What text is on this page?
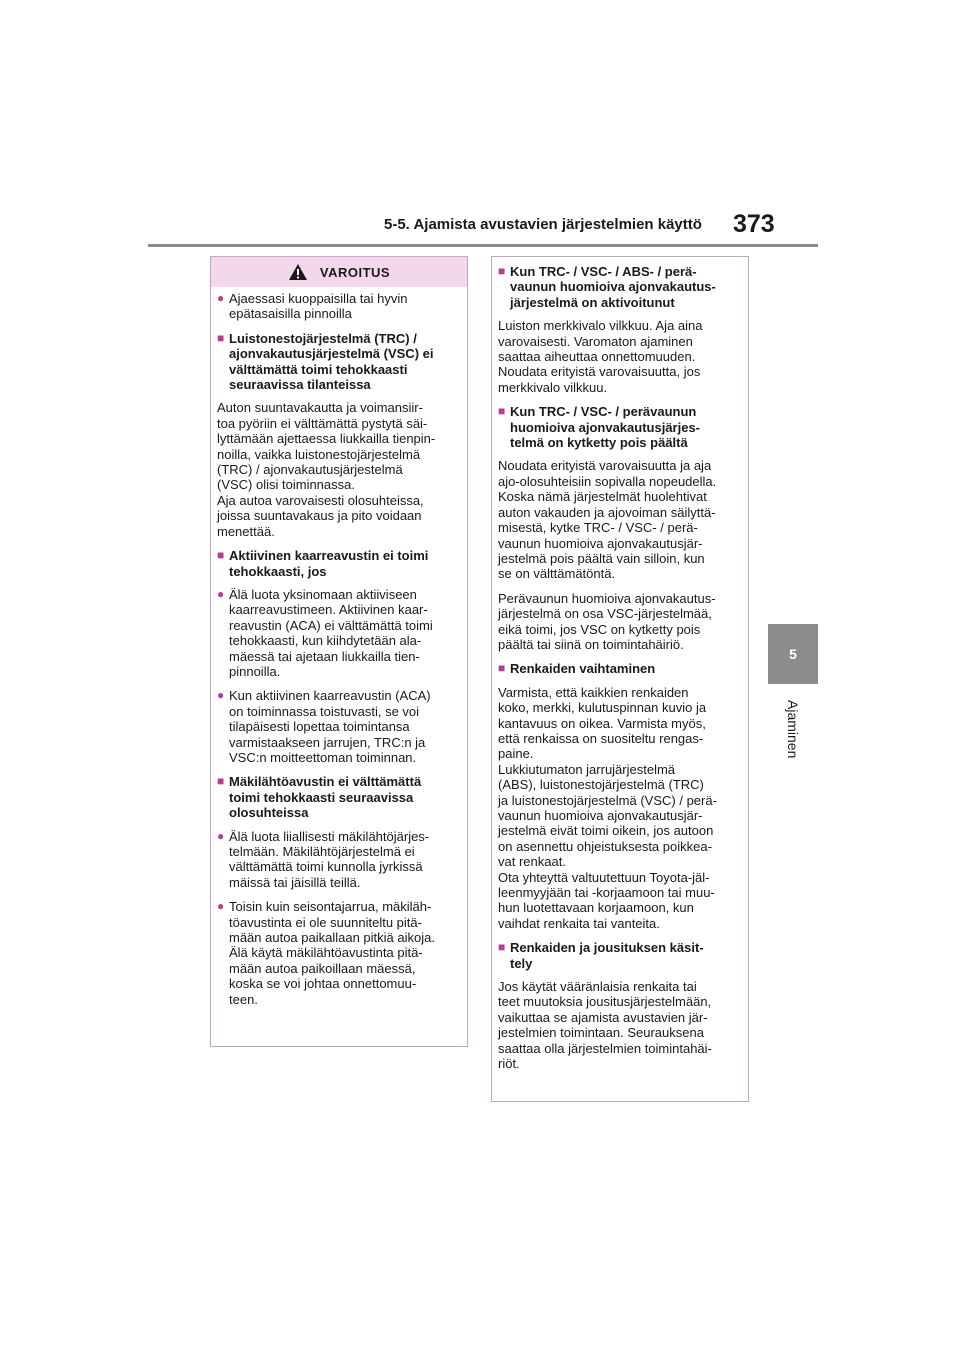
5-5. Ajamista avustavien järjestelmien käyttö 373
5
Ajaminen
VAROITUS
● Ajaessasi kuoppaisilla tai hyvin
epätasaisilla pinnoilla
■ Luistonestojärjestelmä (TRC) /
ajonvakautusjärjestelmä (VSC) ei
välttämättä toimi tehokkaasti
seuraavissa tilanteissa
Auton suuntavakautta ja voimansiir-
toa pyöriin ei välttämättä pystytä säi-
lyttämään ajettaessa liukkailla tienpin-
noilla, vaikka luistonestojärjestelmä
(TRC) / ajonvakautusjärjestelmä
(VSC) olisi toiminnassa.
Aja autoa varovaisesti olosuhteissa,
joissa suuntavakaus ja pito voidaan
menettää.
■ Aktiivinen kaarreavustin ei toimi
tehokkaasti, jos
● Älä luota yksinomaan aktiiviseen
kaarreavustimeen. Aktiivinen kaar-
reavustin (ACA) ei välttämättä toimi
tehokkaasti, kun kiihdytetään ala-
mäessä tai ajetaan liukkailla tien-
pinnoilla.
● Kun aktiivinen kaarreavustin (ACA)
on toiminnassa toistuvasti, se voi
tilapäisesti lopettaa toimintansa
varmistaakseen jarrujen, TRC:n ja
VSC:n moitteettoman toiminnan.
■ Mäkilähtöavustin ei välttämättä
toimi tehokkaasti seuraavissa
olosuhteissa
● Älä luota liiallisesti mäkilähtöjärjes-
telmään. Mäkilähtöjärjestelmä ei
välttämättä toimi kunnolla jyrkissä
mäissä tai jäisillä teillä.
● Toisin kuin seisontajarrua, mäkiläh-
töavustinta ei ole suunniteltu pitä-
mään autoa paikallaan pitkiä aikoja.
Älä käytä mäkilähtöavustinta pitä-
mään autoa paikoillaan mäessä,
koska se voi johtaa onnettomuu-
teen.
■ Kun TRC- / VSC- / ABS- / perä-
vaunun huomioiva ajonvakautus-
järjestelmä on aktivoitunut
Luiston merkkivalo vilkkuu. Aja aina
varovaisesti. Varomaton ajaminen
saattaa aiheuttaa onnettomuuden.
Noudata erityistä varovaisuutta, jos
merkkivalo vilkkuu.
■ Kun TRC- / VSC- / perävaunun
huomioiva ajonvakautusjärjes-
telmä on kytketty pois päältä
Noudata erityistä varovaisuutta ja aja
ajo-olosuhteisiin sopivalla nopeudella.
Koska nämä järjestelmät huolehtivat
auton vakauden ja ajovoiman säilyttä-
misestä, kytke TRC- / VSC- / perä-
vaunun huomioiva ajonvakautusjär-
jestelmä pois päältä vain silloin, kun
se on välttämätöntä.
Perävaunun huomioiva ajonvakautus-
järjestelmä on osa VSC-järjestelmää,
eikä toimi, jos VSC on kytketty pois
päältä tai siinä on toimintahäiriö.
■ Renkaiden vaihtaminen
Varmista, että kaikkien renkaiden
koko, merkki, kulutuspinnan kuvio ja
kantavuus on oikea. Varmista myös,
että renkaissa on suositeltu rengas-
paine.
Lukkiutumaton jarrujärjestelmä
(ABS), luistonestojärjestelmä (TRC)
ja luistonestojärjestelmä (VSC) / perä-
vaunun huomioiva ajonvakautusjär-
jestelmä eivät toimi oikein, jos autoon
on asennettu ohjeistuksesta poikkea-
vat renkaat.
Ota yhteyttä valtuutettuun Toyota-jäl-
leenmyyjään tai -korjaamoon tai muu-
hun luotettavaan korjaamoon, kun
vaihdat renkaita tai vanteita.
■ Renkaiden ja jousituksen käsit-
tely
Jos käytät vääränlaisia renkaita tai
teet muutoksia jousitusjärjestelmään,
vaikuttaa se ajamista avustavien jär-
jestelmien toimintaan. Seurauksena
saattaa olla järjestelmien toimintahäi-
riöt.
